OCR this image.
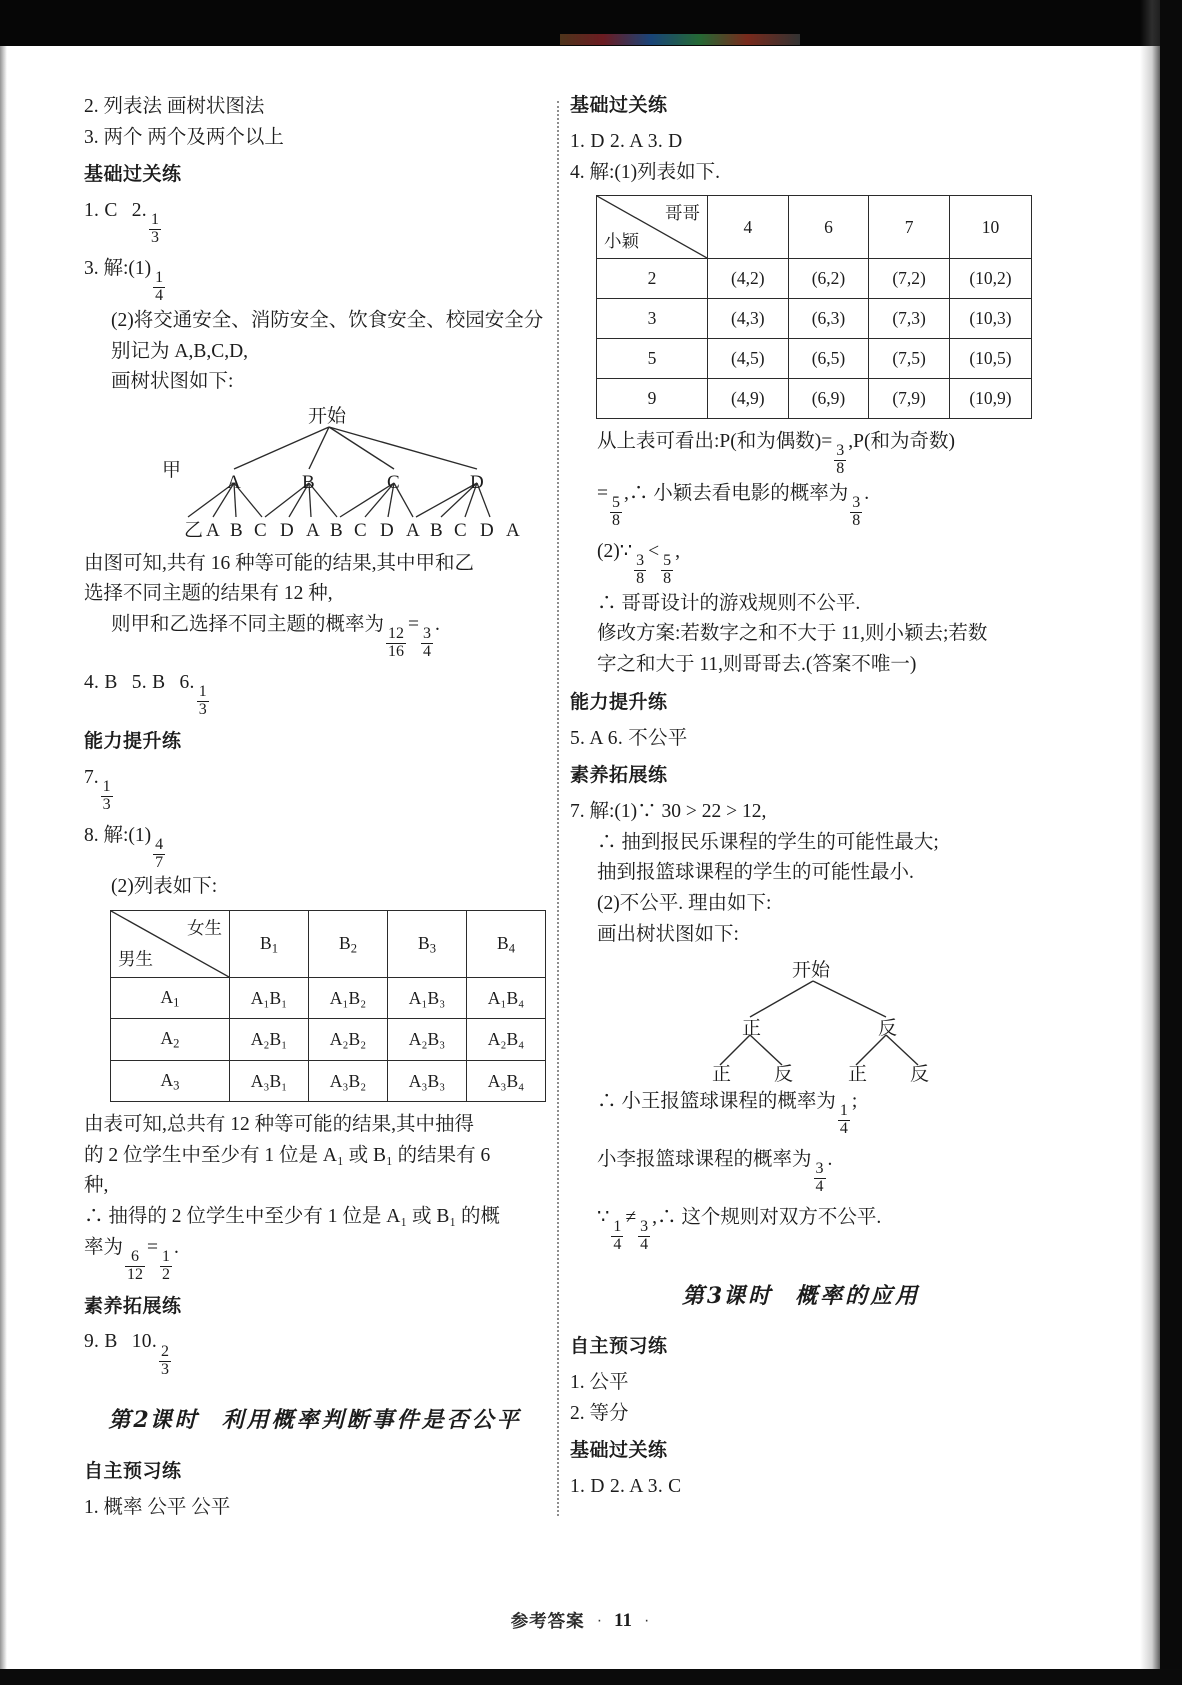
2. 列表法 画树状图法

3. 两个 两个及两个以上

基础过关练

1. C 2.
$\frac{1}{3}$

3. 解:(1)
$\frac{1}{4}$

(2)将交通安全、消防安全、饮食安全、校园安全分

别记为 A,B,C,D,

画树状图如下:

开始
甲
A	B	C	D
乙 A B C D A B C D A B C D A

由图可知,共有 16 种等可能的结果,其中甲和乙

选择不同主题的结果有 12 种,

则甲和乙选择不同主题的概率为
$\frac{12}{16}$
=
$\frac{3}{4}$
.

4. B 5. B 6.
$\frac{1}{3}$

能力提升练

7.
$\frac{1}{3}$

8. 解:(1)
$\frac{4}{7}$

(2)列表如下:

女生
男生	$B_1$	$B_2$	$B_3$	$B_4$
$A_1$	A₁B₁	A₁B₂	A₁B₃	A₁B₄
$A_2$	A₂B₁	A₂B₂	A₂B₃	A₂B₄
$A_3$	A₃B₁	A₃B₂	A₃B₃	A₃B₄

由表可知,总共有 12 种等可能的结果,其中抽得

的 2 位学生中至少有 1 位是 A₁ 或 B₁ 的结果有 6

种,

∴ 抽得的 2 位学生中至少有 1 位是 A₁ 或 B₁ 的概

率为
$\frac{6}{12}$
=
$\frac{1}{2}$
.

素养拓展练

9. B 10.
$\frac{2}{3}$

第2课时 利用概率判断事件是否公平
自主预习练

1. 概率 公平 公平

基础过关练

1. D 2. A 3. D

4. 解:(1)列表如下.

哥哥
小颖	4	6	7	10
2	(4,2)	(6,2)	(7,2)	(10,2)
3	(4,3)	(6,3)	(7,3)	(10,3)
5	(4,5)	(6,5)	(7,5)	(10,5)
9	(4,9)	(6,9)	(7,9)	(10,9)

从上表可看出:P(和为偶数)=
$\frac{3}{8}$
,P(和为奇数)

=
$\frac{5}{8}$
,∴ 小颖去看电影的概率为
$\frac{3}{8}$
.

(2)∵
$\frac{3}{8}$
<
$\frac{5}{8}$
,

∴ 哥哥设计的游戏规则不公平.

修改方案:若数字之和不大于 11,则小颖去;若数

字之和大于 11,则哥哥去.(答案不唯一)

能力提升练

5. A 6. 不公平

素养拓展练

7. 解:(1)∵ 30 > 22 > 12,

∴ 抽到报民乐课程的学生的可能性最大;

抽到报篮球课程的学生的可能性最小.

(2)不公平. 理由如下:

画出树状图如下:

开始
正	反
正 反	正 反

∴ 小王报篮球课程的概率为
$\frac{1}{4}$
;

小李报篮球课程的概率为
$\frac{3}{4}$
.

∵
$\frac{1}{4}$
≠
$\frac{3}{4}$
,∴ 这个规则对双方不公平.

第3课时 概率的应用
自主预习练

1. 公平

2. 等分

基础过关练

1. D 2. A 3. C

参考答案 · 11 ·
